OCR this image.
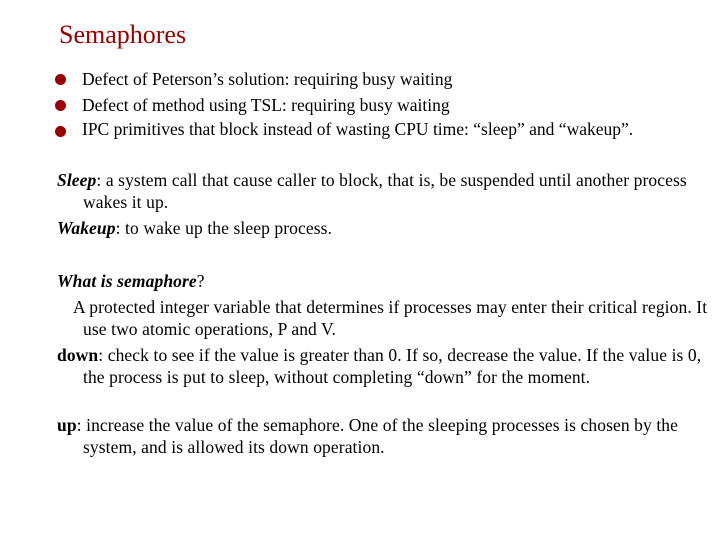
Semaphores
Defect of Peterson’s solution: requiring busy waiting
Defect of method using TSL: requiring busy waiting
IPC primitives that block instead of wasting CPU time: “sleep” and “wakeup”.
Sleep: a system call that cause caller to block, that is, be suspended until another process wakes it up.
Wakeup: to wake up the sleep process.
What is semaphore?
A protected integer variable that determines if processes may enter their critical region. It use two atomic operations, P and V.
down: check to see if the value is greater than 0. If so, decrease the value. If the value is 0, the process is put to sleep, without completing “down” for the moment.
up: increase the value of the semaphore. One of the sleeping processes is chosen by the system, and is allowed its down operation.
